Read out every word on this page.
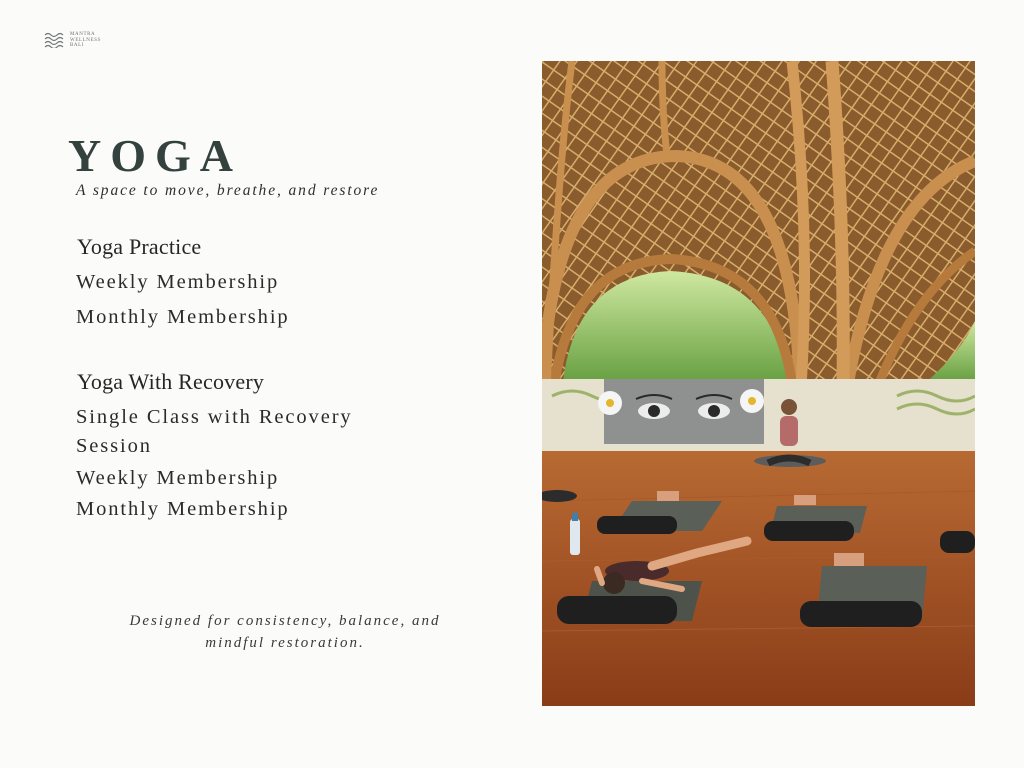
MANTRA
WELLNESS
BALI
YOGA
A space to move, breathe, and restore
Yoga Practice
Weekly Membership
Monthly Membership
Yoga With Recovery
Single Class with Recovery Session
Weekly Membership
Monthly Membership
Designed for consistency, balance, and mindful restoration.
